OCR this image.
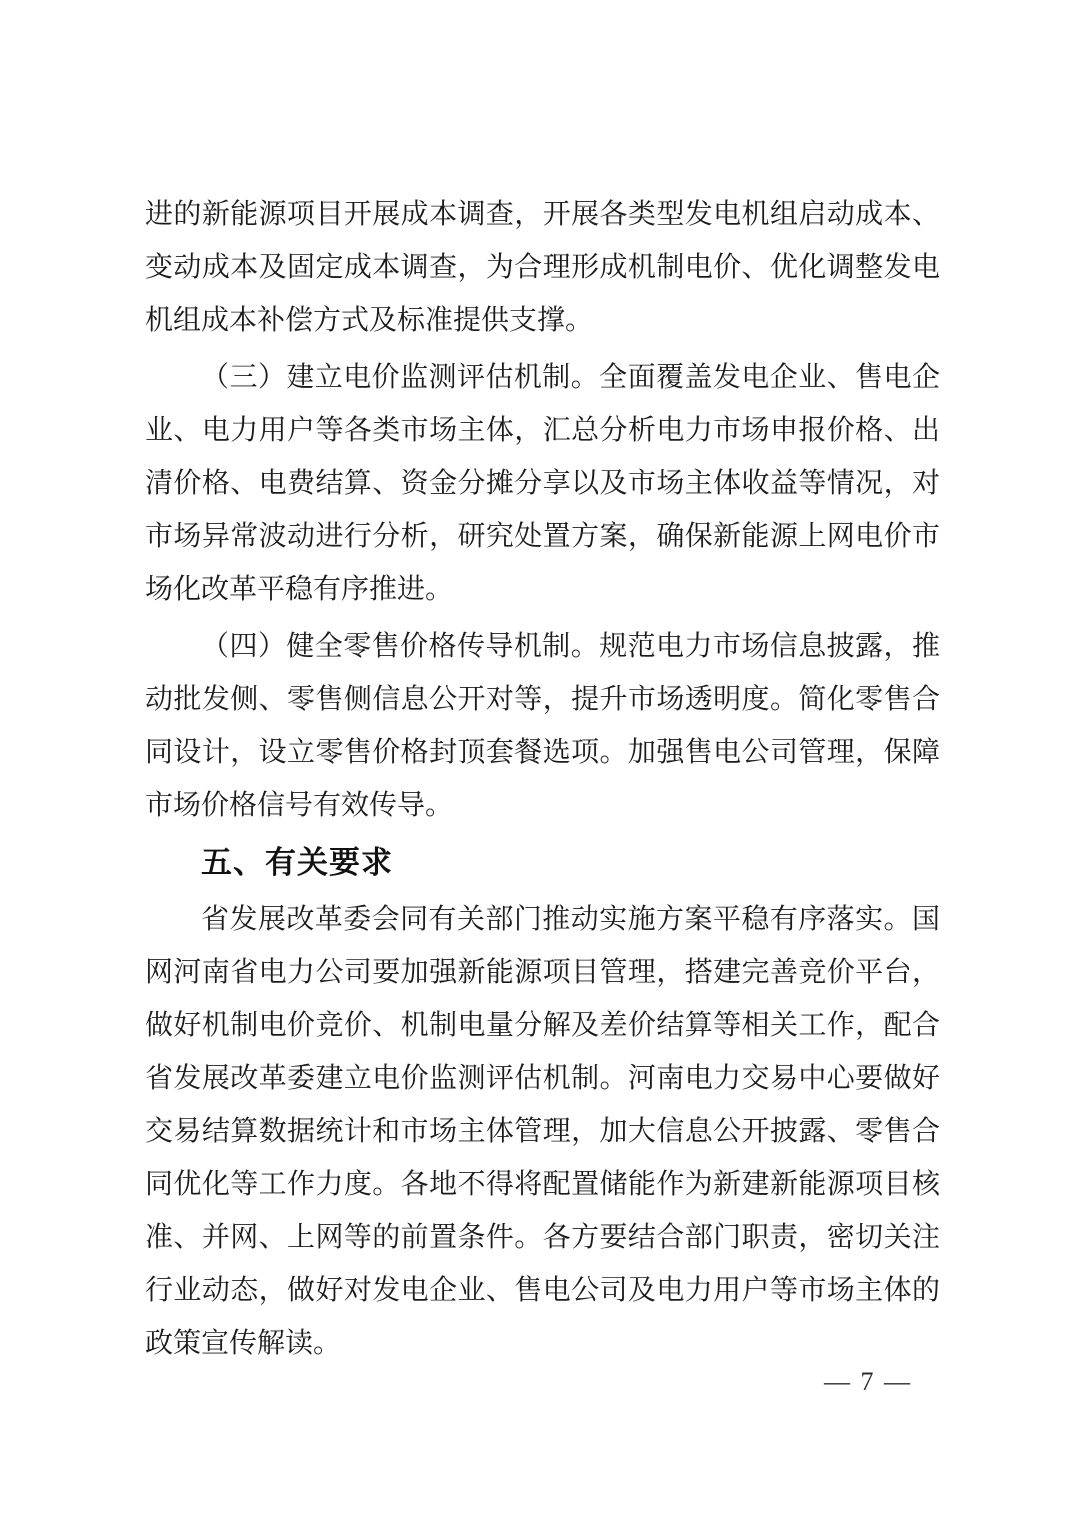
进的新能源项目开展成本调查，开展各类型发电机组启动成本、
变动成本及固定成本调查，为合理形成机制电价、优化调整发电
机组成本补偿方式及标准提供支撑。
（三）建立电价监测评估机制。全面覆盖发电企业、售电企
业、电力用户等各类市场主体，汇总分析电力市场申报价格、出
清价格、电费结算、资金分摊分享以及市场主体收益等情况，对
市场异常波动进行分析，研究处置方案，确保新能源上网电价市
场化改革平稳有序推进。
（四）健全零售价格传导机制。规范电力市场信息披露，推
动批发侧、零售侧信息公开对等，提升市场透明度。简化零售合
同设计，设立零售价格封顶套餐选项。加强售电公司管理，保障
市场价格信号有效传导。
五、有关要求
省发展改革委会同有关部门推动实施方案平稳有序落实。国
网河南省电力公司要加强新能源项目管理，搭建完善竞价平台，
做好机制电价竞价、机制电量分解及差价结算等相关工作，配合
省发展改革委建立电价监测评估机制。河南电力交易中心要做好
交易结算数据统计和市场主体管理，加大信息公开披露、零售合
同优化等工作力度。各地不得将配置储能作为新建新能源项目核
准、并网、上网等的前置条件。各方要结合部门职责，密切关注
行业动态，做好对发电企业、售电公司及电力用户等市场主体的
政策宣传解读。
— 7 —
